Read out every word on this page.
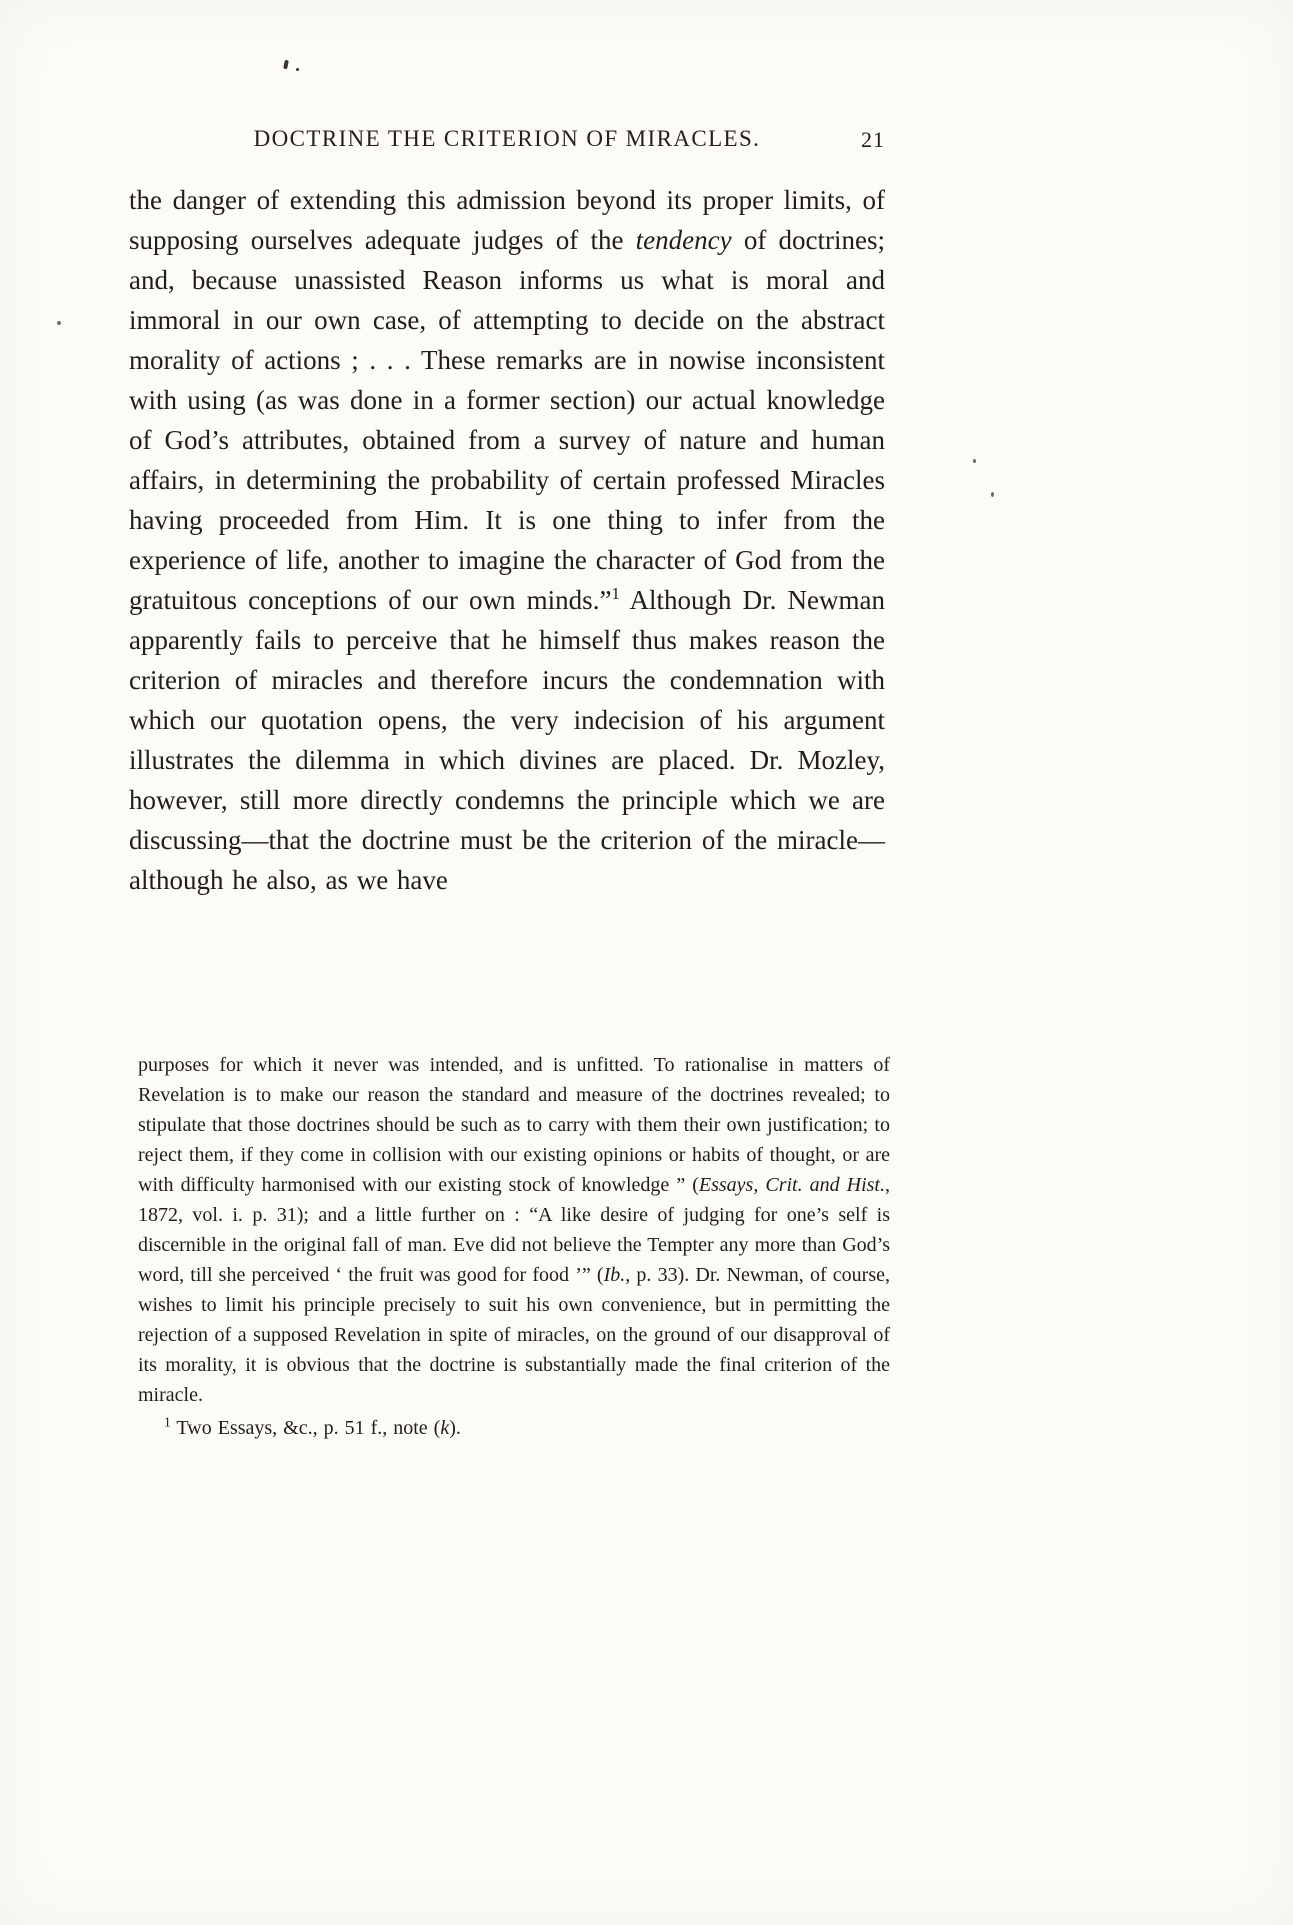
DOCTRINE THE CRITERION OF MIRACLES.	21

the danger of extending this admission beyond its proper limits, of supposing ourselves adequate judges of the tendency of doctrines; and, because unassisted Reason informs us what is moral and immoral in our own case, of attempting to decide on the abstract morality of actions ; . . . These remarks are in nowise inconsistent with using (as was done in a former section) our actual knowledge of God’s attributes, obtained from a survey of nature and human affairs, in determining the probability of certain professed Miracles having proceeded from Him. It is one thing to infer from the experience of life, another to imagine the character of God from the gratuitous conceptions of our own minds.”$^1$ Although Dr. Newman apparently fails to perceive that he himself thus makes reason the criterion of miracles and therefore incurs the condemnation with which our quotation opens, the very indecision of his argument illustrates the dilemma in which divines are placed. Dr. Mozley, however, still more directly condemns the principle which we are discussing—that the doctrine must be the criterion of the miracle—although he also, as we have

purposes for which it never was intended, and is unfitted. To rationalise in matters of Revelation is to make our reason the standard and measure of the doctrines revealed; to stipulate that those doctrines should be such as to carry with them their own justification; to reject them, if they come in collision with our existing opinions or habits of thought, or are with difficulty harmonised with our existing stock of knowledge ” (Essays, Crit. and Hist., 1872, vol. i. p. 31); and a little further on : “A like desire of judging for one’s self is discernible in the original fall of man. Eve did not believe the Tempter any more than God’s word, till she perceived ‘ the fruit was good for food ’” (Ib., p. 33). Dr. Newman, of course, wishes to limit his principle precisely to suit his own convenience, but in permitting the rejection of a supposed Revelation in spite of miracles, on the ground of our disapproval of its morality, it is obvious that the doctrine is substantially made the final criterion of the miracle.

$^1$ Two Essays, &c., p. 51 f., note (k).
